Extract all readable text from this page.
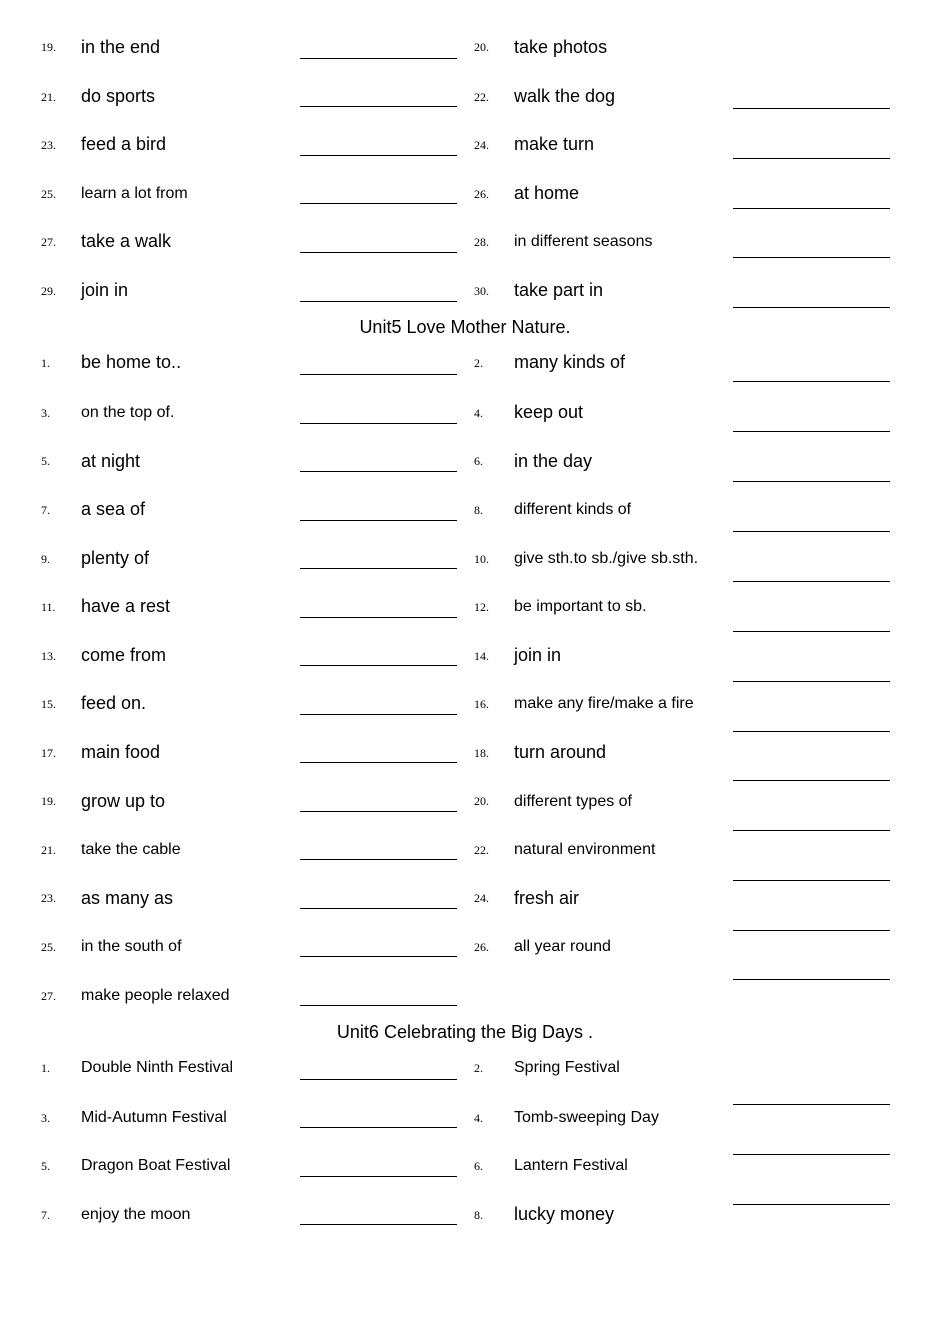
19. in the end	20. take photos
21. do sports	22. walk the dog
23. feed a bird	24. make turn
25. learn a lot from	26. at home
27. take a walk	28. in different seasons
29. join in	30. take part in
Unit5 Love Mother Nature.
1. be home to..	2. many kinds of
3. on the top of.	4. keep out
5. at night	6. in the day
7. a sea of	8. different kinds of
9. plenty of	10. give sth.to sb./give sb.sth.
11. have a rest	12. be important to sb.
13. come from	14. join in
15. feed on.	16. make any fire/make a fire
17. main food	18. turn around
19. grow up to	20. different types of
21. take the cable	22. natural environment
23. as many as	24. fresh air
25. in the south of	26. all year round
27. make people relaxed
Unit6 Celebrating the Big Days .
1. Double Ninth Festival	2. Spring Festival
3. Mid-Autumn Festival	4. Tomb-sweeping Day
5. Dragon Boat Festival	6. Lantern Festival
7. enjoy the moon	8. lucky money
